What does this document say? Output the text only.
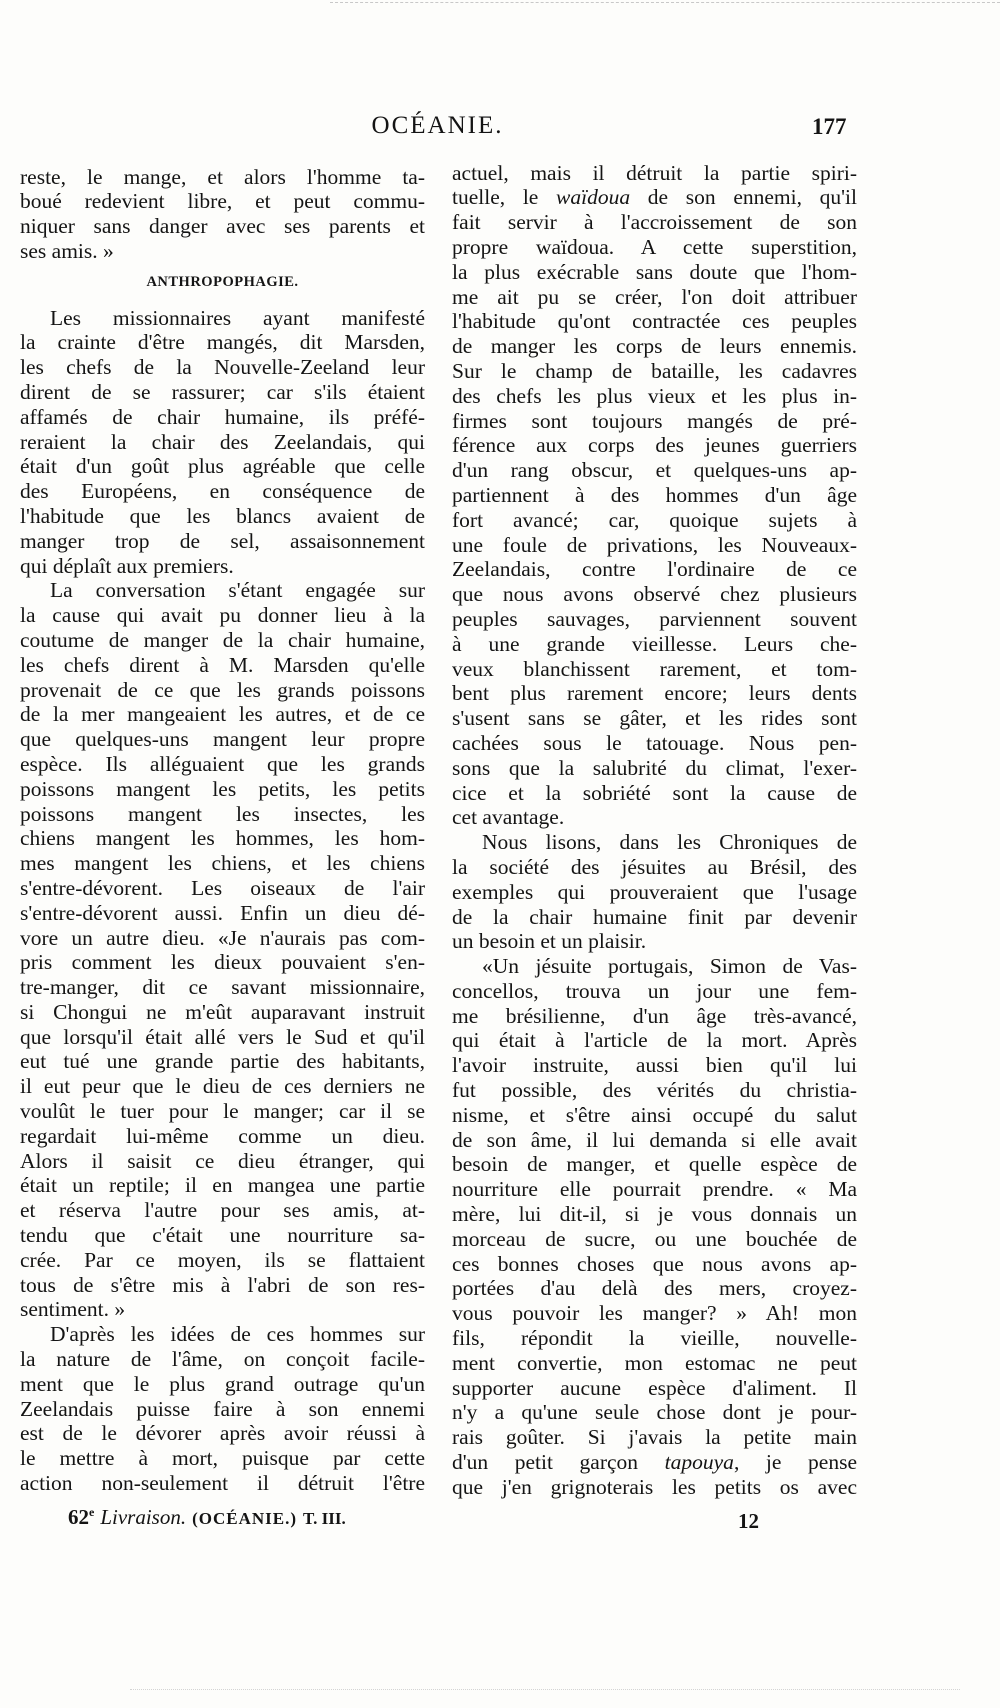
OCÉANIE.	177
reste, le mange, et alors l'homme ta-
boué redevient libre, et peut commu-
niquer sans danger avec ses parents et
ses amis. »
ANTHROPOPHAGIE.
Les missionnaires ayant manifesté
la crainte d'être mangés, dit Marsden,
les chefs de la Nouvelle-Zeeland leur
dirent de se rassurer; car s'ils étaient
affamés de chair humaine, ils préfé-
reraient la chair des Zeelandais, qui
était d'un goût plus agréable que celle
des Européens, en conséquence de
l'habitude que les blancs avaient de
manger trop de sel, assaisonnement
qui déplaît aux premiers.
La conversation s'étant engagée sur
la cause qui avait pu donner lieu à la
coutume de manger de la chair humaine,
les chefs dirent à M. Marsden qu'elle
provenait de ce que les grands poissons
de la mer mangeaient les autres, et de ce
que quelques-uns mangent leur propre
espèce. Ils alléguaient que les grands
poissons mangent les petits, les petits
poissons mangent les insectes, les
chiens mangent les hommes, les hom-
mes mangent les chiens, et les chiens
s'entre-dévorent. Les oiseaux de l'air
s'entre-dévorent aussi. Enfin un dieu dé-
vore un autre dieu. «Je n'aurais pas com-
pris comment les dieux pouvaient s'en-
tre-manger, dit ce savant missionnaire,
si Chongui ne m'eût auparavant instruit
que lorsqu'il était allé vers le Sud et qu'il
eut tué une grande partie des habitants,
il eut peur que le dieu de ces derniers ne
voulût le tuer pour le manger; car il se
regardait lui-même comme un dieu.
Alors il saisit ce dieu étranger, qui
était un reptile; il en mangea une partie
et réserva l'autre pour ses amis, at-
tendu que c'était une nourriture sa-
crée. Par ce moyen, ils se flattaient
tous de s'être mis à l'abri de son res-
sentiment. »
D'après les idées de ces hommes sur
la nature de l'âme, on conçoit facile-
ment que le plus grand outrage qu'un
Zeelandais puisse faire à son ennemi
est de le dévorer après avoir réussi à
le mettre à mort, puisque par cette
action non-seulement il détruit l'être
actuel, mais il détruit la partie spiri-
tuelle, le waïdoua de son ennemi, qu'il
fait servir à l'accroissement de son
propre waïdoua. A cette superstition,
la plus exécrable sans doute que l'hom-
me ait pu se créer, l'on doit attribuer
l'habitude qu'ont contractée ces peuples
de manger les corps de leurs ennemis.
Sur le champ de bataille, les cadavres
des chefs les plus vieux et les plus in-
firmes sont toujours mangés de pré-
férence aux corps des jeunes guerriers
d'un rang obscur, et quelques-uns ap-
partiennent à des hommes d'un âge
fort avancé; car, quoique sujets à
une foule de privations, les Nouveaux-
Zeelandais, contre l'ordinaire de ce
que nous avons observé chez plusieurs
peuples sauvages, parviennent souvent
à une grande vieillesse. Leurs che-
veux blanchissent rarement, et tom-
bent plus rarement encore; leurs dents
s'usent sans se gâter, et les rides sont
cachées sous le tatouage. Nous pen-
sons que la salubrité du climat, l'exer-
cice et la sobriété sont la cause de
cet avantage.
Nous lisons, dans les Chroniques de
la société des jésuites au Brésil, des
exemples qui prouveraient que l'usage
de la chair humaine finit par devenir
un besoin et un plaisir.
«Un jésuite portugais, Simon de Vas-
concellos, trouva un jour une fem-
me brésilienne, d'un âge très-avancé,
qui était à l'article de la mort. Après
l'avoir instruite, aussi bien qu'il lui
fut possible, des vérités du christia-
nisme, et s'être ainsi occupé du salut
de son âme, il lui demanda si elle avait
besoin de manger, et quelle espèce de
nourriture elle pourrait prendre. « Ma
mère, lui dit-il, si je vous donnais un
morceau de sucre, ou une bouchée de
ces bonnes choses que nous avons ap-
portées d'au delà des mers, croyez-
vous pouvoir les manger? » Ah! mon
fils, répondit la vieille, nouvelle-
ment convertie, mon estomac ne peut
supporter aucune espèce d'aliment. Il
n'y a qu'une seule chose dont je pour-
rais goûter. Si j'avais la petite main
d'un petit garçon tapouya, je pense
que j'en grignoterais les petits os avec
62e Livraison. (OCÉANIE.) T. III.	12
